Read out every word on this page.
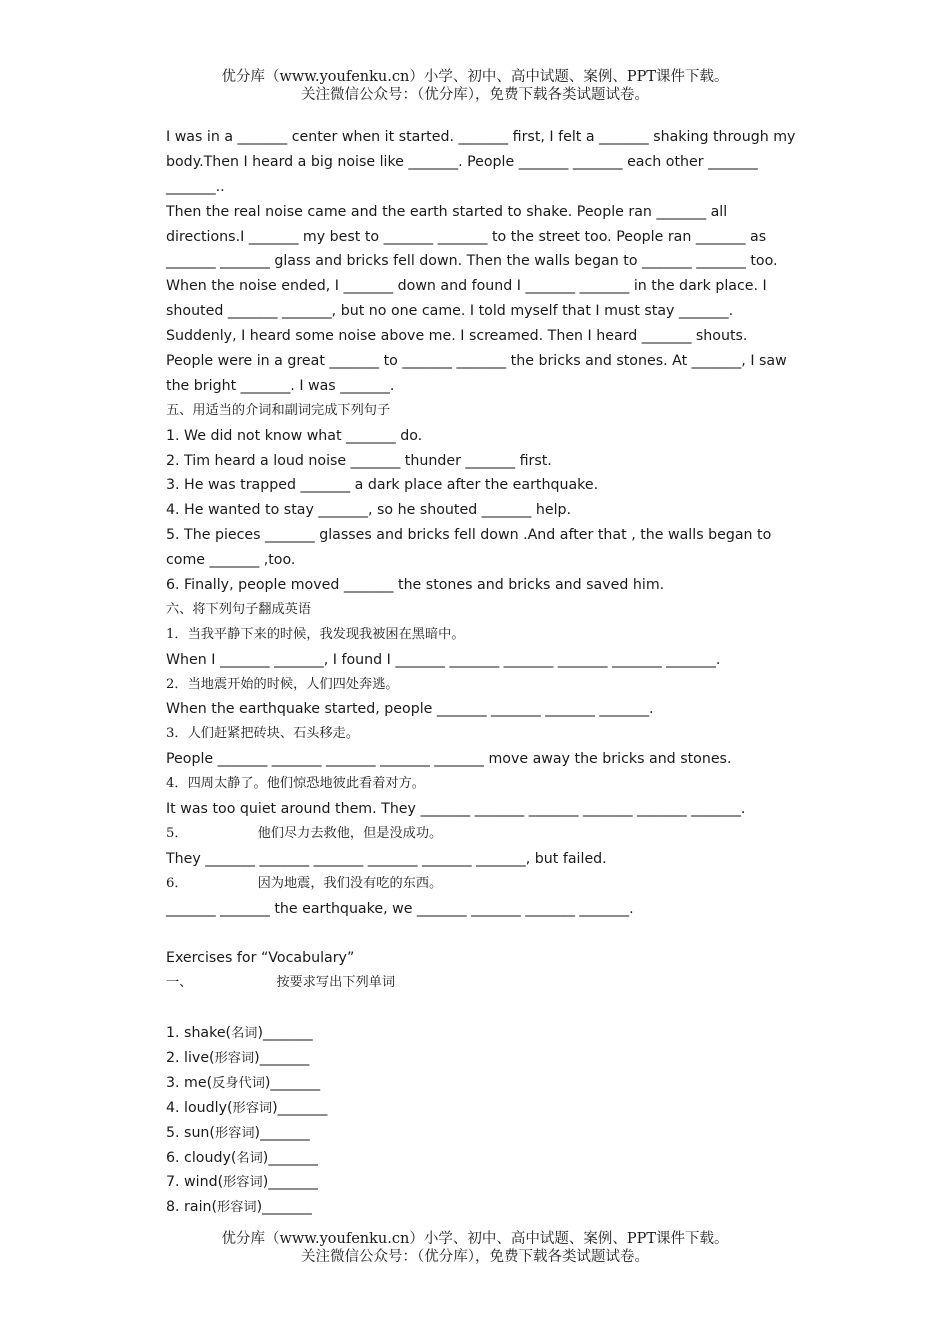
优分库（www.youfenku.cn）小学、初中、高中试题、案例、PPT课件下载。
关注微信公众号：（优分库），免费下载各类试题试卷。
I was in a _______ center when it started. _______ first, I felt a _______ shaking through my
body.Then I heard a big noise like _______. People _______ _______ each other _______
_______..
Then the real noise came and the earth started to shake. People ran _______ all
directions.I _______ my best to _______ _______ to the street too. People ran _______ as
_______ _______ glass and bricks fell down. Then the walls began to _______ _______ too.
When the noise ended, I _______ down and found I _______ _______ in the dark place. I
shouted _______ _______, but no one came. I told myself that I must stay _______.
Suddenly, I heard some noise above me. I screamed. Then I heard _______ shouts.
People were in a great _______ to _______ _______ the bricks and stones. At _______, I saw
the bright _______. I was _______.
五、用适当的介词和副词完成下列句子
1. We did not know what _______ do.
2. Tim heard a loud noise _______ thunder _______ first.
3. He was trapped _______ a dark place after the earthquake.
4. He wanted to stay _______, so he shouted _______ help.
5. The pieces _______ glasses and bricks fell down .And after that , the walls began to
come _______ ,too.
6. Finally, people moved _______ the stones and bricks and saved him.
六、将下列句子翻成英语
1．当我平静下来的时候，我发现我被困在黑暗中。
When I _______ _______, I found I _______ _______ _______ _______ _______ _______.
2．当地震开始的时候，人们四处奔逃。
When the earthquake started, people _______ _______ _______ _______.
3．人们赶紧把砖块、石头移走。
People _______ _______ _______ _______ _______ move away the bricks and stones.
4．四周太静了。他们惊恐地彼此看着对方。
It was too quiet around them. They _______ _______ _______ _______ _______ _______.
5．	他们尽力去救他，但是没成功。
They _______ _______ _______ _______ _______ _______, but failed.
6．	因为地震，我们没有吃的东西。
_______ _______ the earthquake, we _______ _______ _______ _______.
Exercises for “Vocabulary”
一、	按要求写出下列单词
1. shake(名词)_______
2. live(形容词)_______
3. me(反身代词)_______
4. loudly(形容词)_______
5. sun(形容词)_______
6. cloudy(名词)_______
7. wind(形容词)_______
8. rain(形容词)_______
优分库（www.youfenku.cn）小学、初中、高中试题、案例、PPT课件下载。
关注微信公众号：（优分库），免费下载各类试题试卷。
